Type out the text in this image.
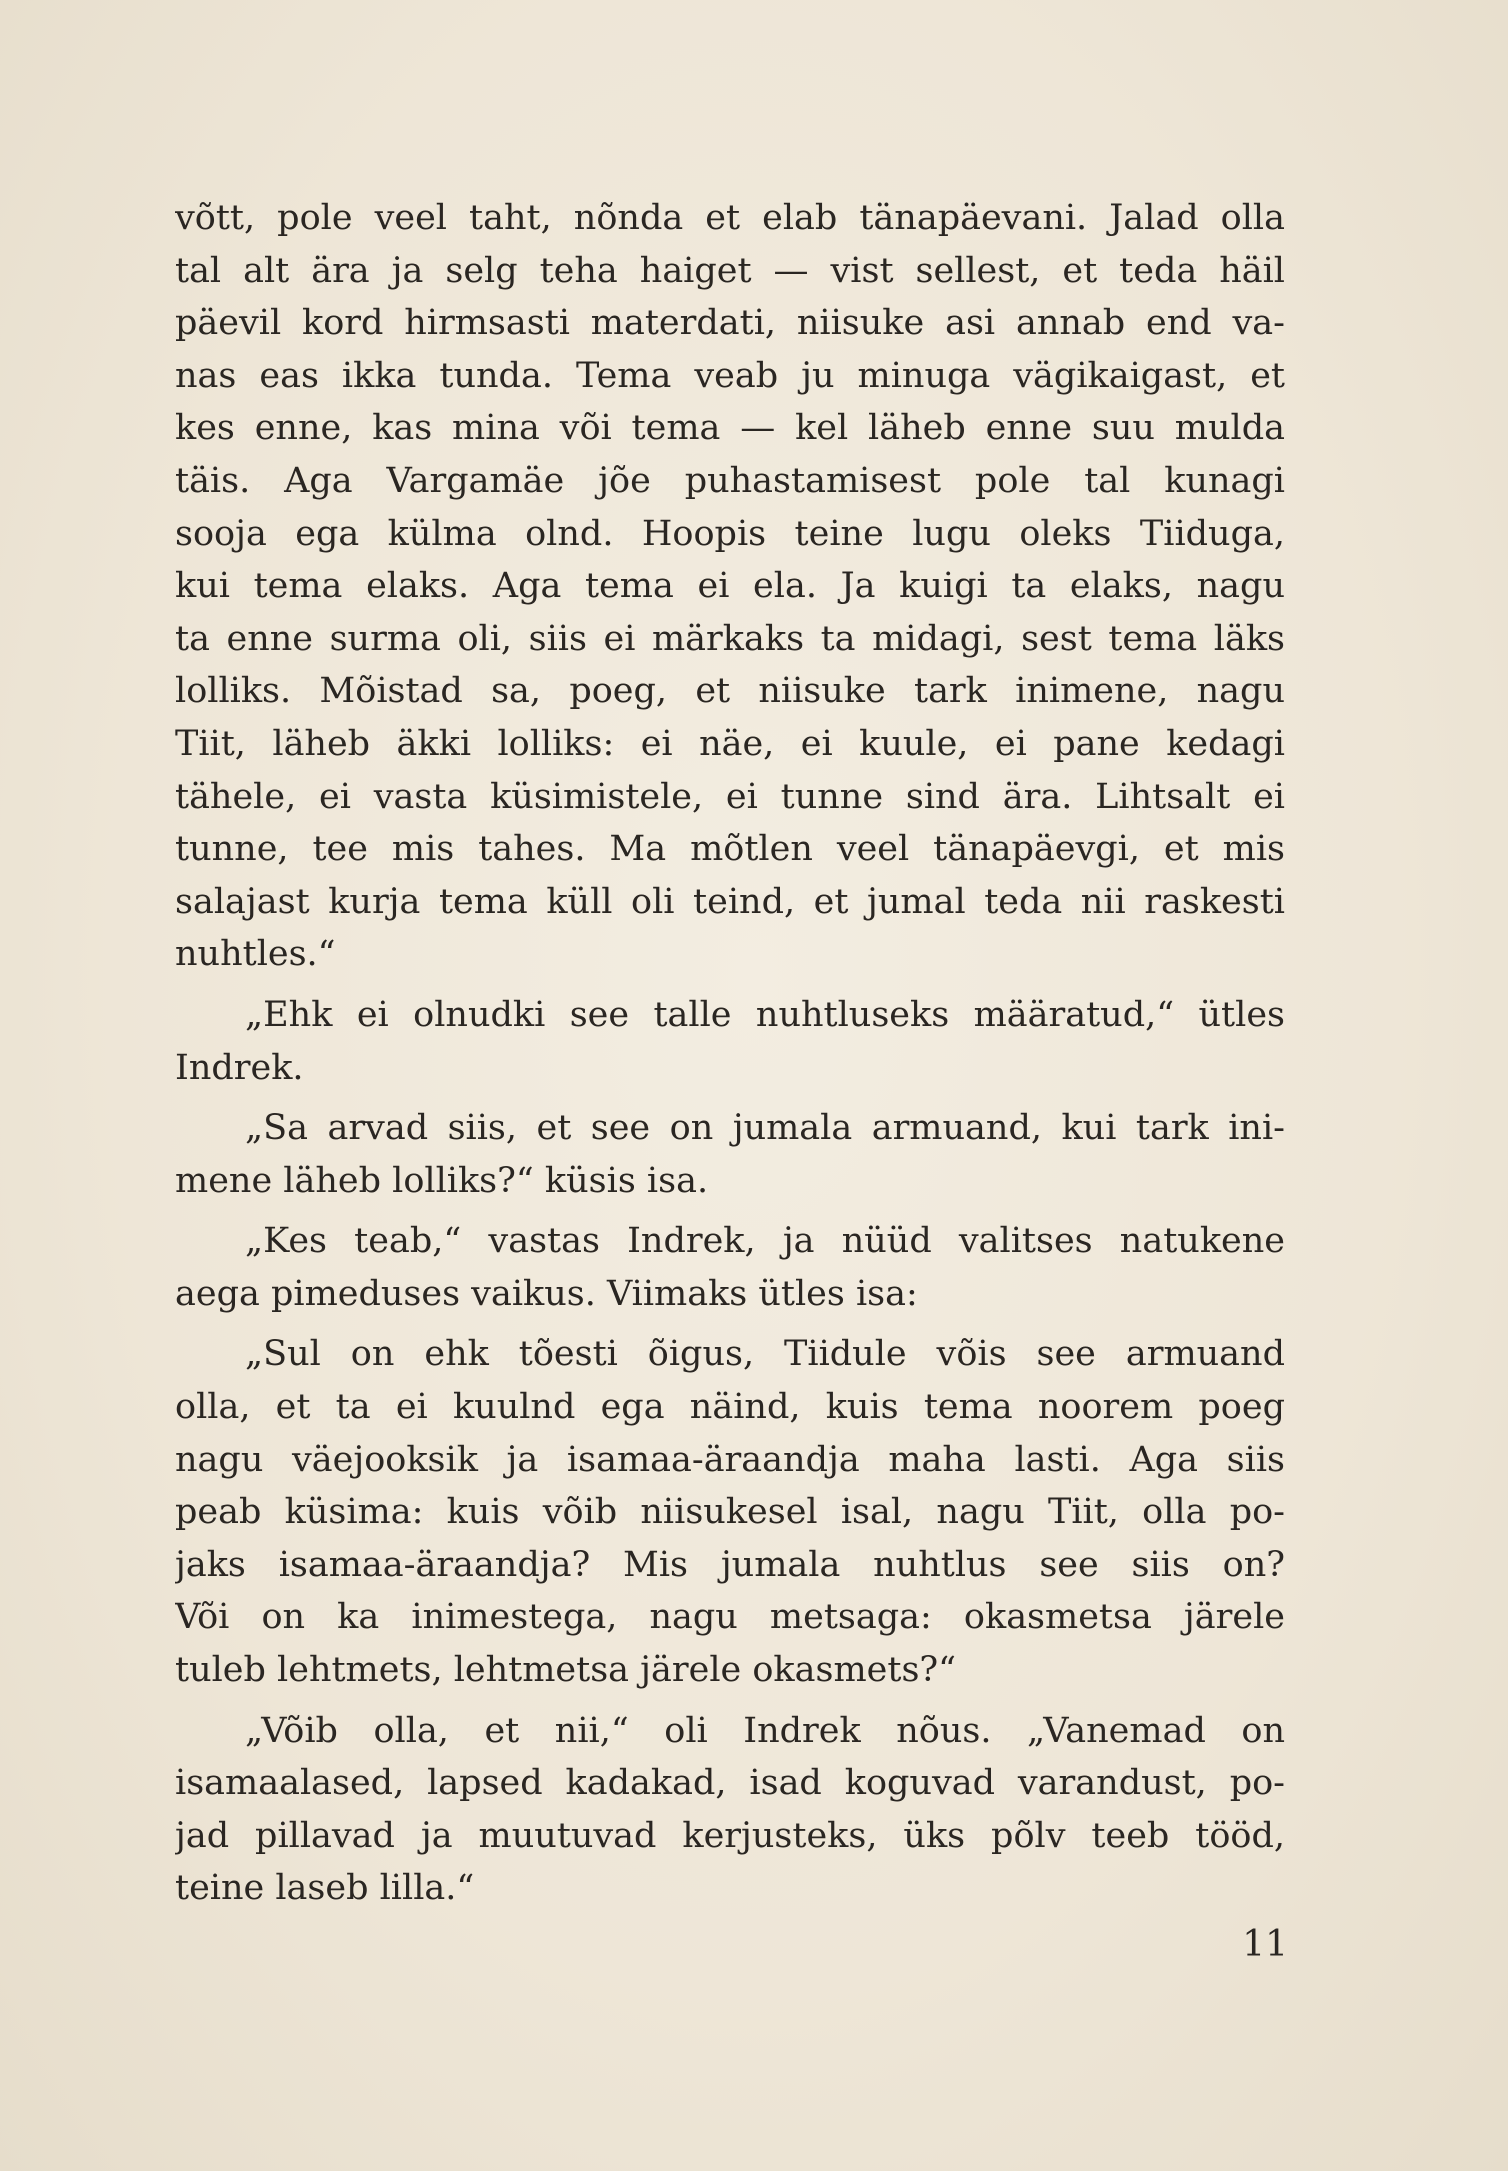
võtt, pole veel taht, nõnda et elab tänapäevani. Jalad olla
tal alt ära ja selg teha haiget — vist sellest, et teda häil
päevil kord hirmsasti materdati, niisuke asi annab end va-
nas eas ikka tunda. Tema veab ju minuga vägikaigast, et
kes enne, kas mina või tema — kel läheb enne suu mulda
täis. Aga Vargamäe jõe puhastamisest pole tal kunagi
sooja ega külma olnd. Hoopis teine lugu oleks Tiiduga,
kui tema elaks. Aga tema ei ela. Ja kuigi ta elaks, nagu
ta enne surma oli, siis ei märkaks ta midagi, sest tema läks
lolliks. Mõistad sa, poeg, et niisuke tark inimene, nagu
Tiit, läheb äkki lolliks: ei näe, ei kuule, ei pane kedagi
tähele, ei vasta küsimistele, ei tunne sind ära. Lihtsalt ei
tunne, tee mis tahes. Ma mõtlen veel tänapäevgi, et mis
salajast kurja tema küll oli teind, et jumal teda nii raskesti
nuhtles.“
„Ehk ei olnudki see talle nuhtluseks määratud,“ ütles
Indrek.
„Sa arvad siis, et see on jumala armuand, kui tark ini-
mene läheb lolliks?“ küsis isa.
„Kes teab,“ vastas Indrek, ja nüüd valitses natukene
aega pimeduses vaikus. Viimaks ütles isa:
„Sul on ehk tõesti õigus, Tiidule võis see armuand
olla, et ta ei kuulnd ega näind, kuis tema noorem poeg
nagu väejooksik ja isamaa-äraandja maha lasti. Aga siis
peab küsima: kuis võib niisukesel isal, nagu Tiit, olla po-
jaks isamaa-äraandja? Mis jumala nuhtlus see siis on?
Või on ka inimestega, nagu metsaga: okasmetsa järele
tuleb lehtmets, lehtmetsa järele okasmets?“
„Võib olla, et nii,“ oli Indrek nõus. „Vanemad on
isamaalased, lapsed kadakad, isad koguvad varandust, po-
jad pillavad ja muutuvad kerjusteks, üks põlv teeb tööd,
teine laseb lilla.“
11
